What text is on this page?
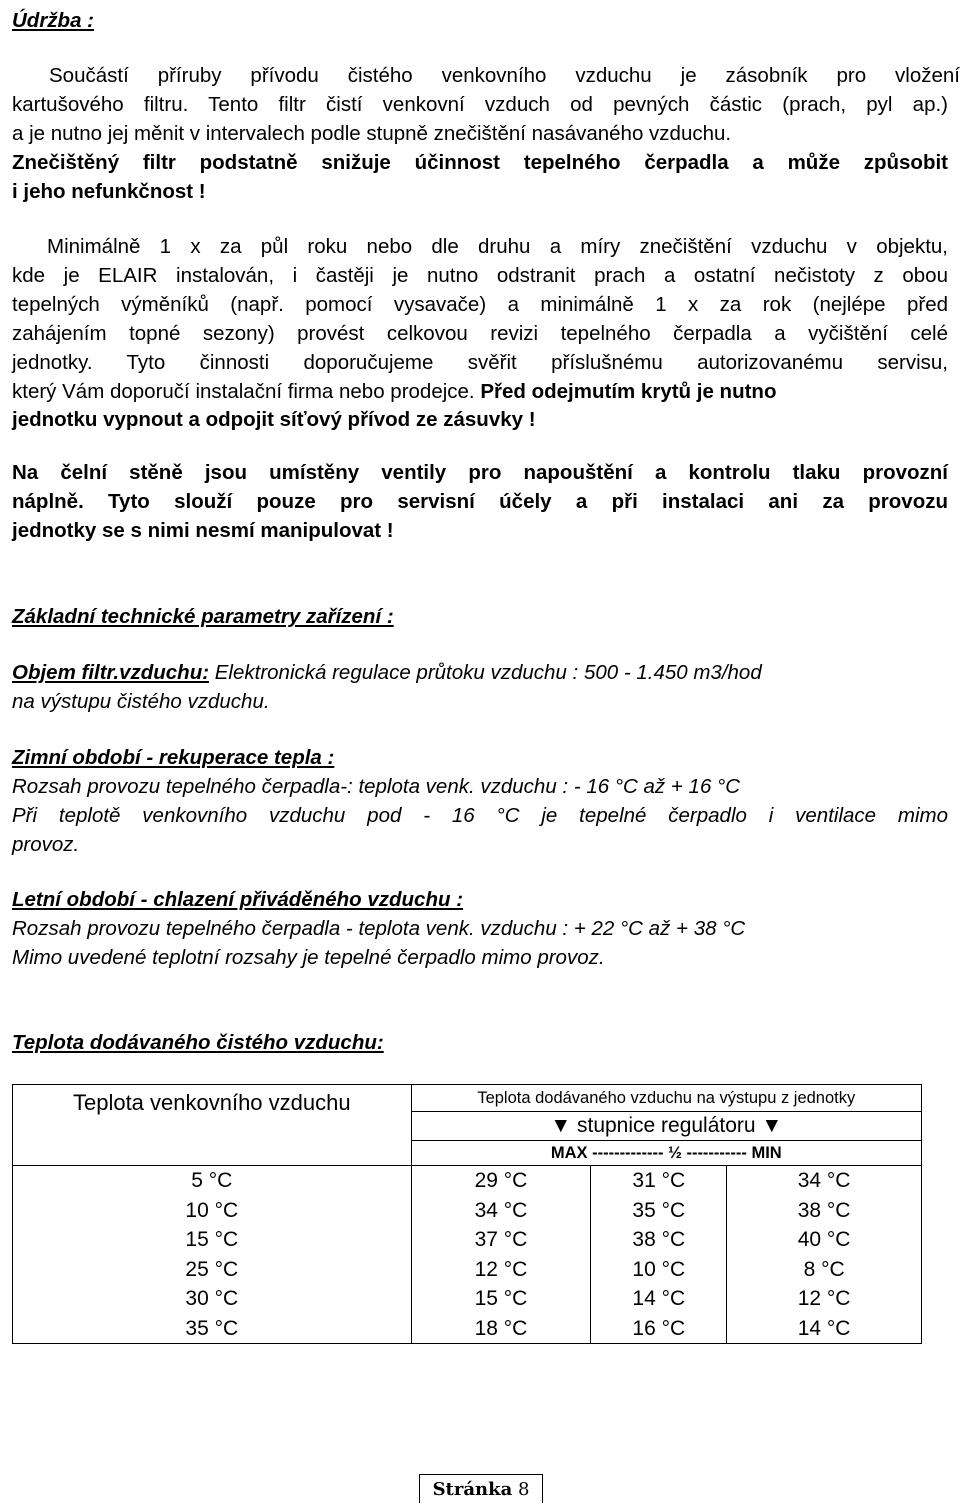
Údržba :
Součástí příruby přívodu čistého venkovního vzduchu je zásobník pro vložení
kartušového filtru. Tento filtr čistí venkovní vzduch od pevných částic (prach, pyl ap.)
a je nutno jej měnit v intervalech podle stupně znečištění nasávaného vzduchu.
Znečištěný filtr podstatně snižuje účinnost tepelného čerpadla a může způsobit
i jeho nefunkčnost !
Minimálně 1 x za půl roku nebo dle druhu a míry znečištění vzduchu v objektu,
kde je ELAIR instalován, i častěji je nutno odstranit prach a ostatní nečistoty z obou
tepelných výměníků (např. pomocí vysavače) a minimálně 1 x za rok (nejlépe před
zahájením topné sezony) provést celkovou revizi tepelného čerpadla a vyčištění celé
jednotky. Tyto činnosti doporučujeme svěřit příslušnému autorizovanému servisu,
který Vám doporučí instalační firma nebo prodejce. Před odejmutím krytů je nutno
jednotku vypnout a odpojit síťový přívod ze zásuvky !
Na čelní stěně jsou umístěny ventily pro napouštění a kontrolu tlaku provozní
náplně. Tyto slouží pouze pro servisní účely a při instalaci ani za provozu
jednotky se s nimi nesmí manipulovat !
Základní technické parametry zařízení :
Objem filtr.vzduchu: Elektronická regulace průtoku vzduchu : 500 - 1.450 m3/hod
na výstupu čistého vzduchu.
Zimní období - rekuperace tepla :
Rozsah provozu tepelného čerpadla-: teplota venk. vzduchu : - 16 °C až + 16 °C
Při teplotě venkovního vzduchu pod - 16 °C je tepelné čerpadlo i ventilace mimo
provoz.
Letní období - chlazení přiváděného vzduchu :
Rozsah provozu tepelného čerpadla - teplota venk. vzduchu : + 22 °C až + 38 °C
Mimo uvedené teplotní rozsahy je tepelné čerpadlo mimo provoz.
Teplota dodávaného čistého vzduchu:
Teplota venkovního vzduchu	Teplota dodávaného vzduchu na výstupu z jednotky		
	▼ stupnice regulátoru ▼		
	MAX ------------- ½ ----------- MIN		
5 °C	29 °C	31 °C	34 °C
10 °C	34 °C	35 °C	38 °C
15 °C	37 °C	38 °C	40 °C
25 °C	12 °C	10 °C	8 °C
30 °C	15 °C	14 °C	12 °C
35 °C	18 °C	16 °C	14 °C
Stránka 8
